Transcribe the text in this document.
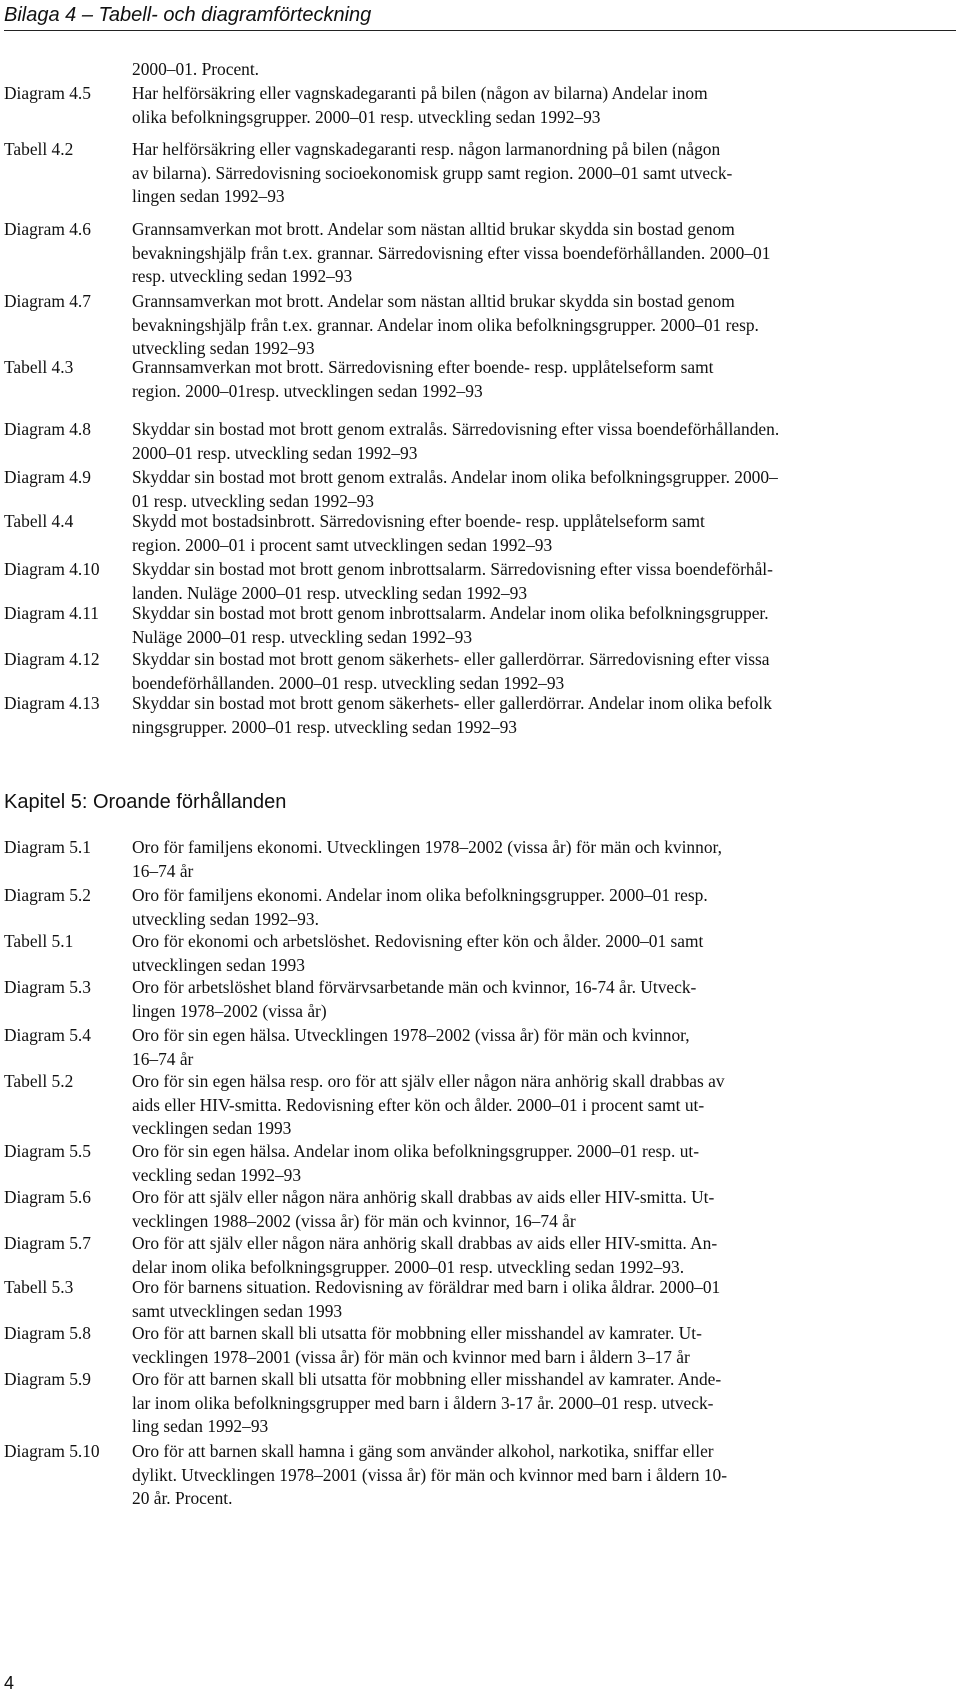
Bilaga 4 – Tabell- och diagramförteckning
2000–01. Procent.
Diagram 4.5 Har helförsäkring eller vagnskadegaranti på bilen (någon av bilarna) Andelar inom
olika befolkningsgrupper. 2000–01 resp. utveckling sedan 1992–93
Tabell 4.2	Har helförsäkring eller vagnskadegaranti resp. någon larmanordning på bilen (någon
av bilarna). Särredovisning socioekonomisk grupp samt region. 2000–01 samt utveck-
lingen sedan 1992–93
Diagram 4.6 Grannsamverkan mot brott. Andelar som nästan alltid brukar skydda sin bostad genom
bevakningshjälp från t.ex. grannar. Särredovisning efter vissa boendeförhållanden. 2000–01
resp. utveckling sedan 1992–93
Diagram 4.7 Grannsamverkan mot brott. Andelar som nästan alltid brukar skydda sin bostad genom
bevakningshjälp från t.ex. grannar. Andelar inom olika befolkningsgrupper. 2000–01 resp.
utveckling sedan 1992–93
Tabell 4.3	Grannsamverkan mot brott. Särredovisning efter boende- resp. upplåtelseform samt
region. 2000–01resp. utvecklingen sedan 1992–93
Diagram 4.8 Skyddar sin bostad mot brott genom extralås. Särredovisning efter vissa boendeförhållanden.
2000–01 resp. utveckling sedan 1992–93
Diagram 4.9 Skyddar sin bostad mot brott genom extralås. Andelar inom olika befolkningsgrupper. 2000–
01 resp. utveckling sedan 1992–93
Tabell 4.4	Skydd mot bostadsinbrott. Särredovisning efter boende- resp. upplåtelseform samt
region. 2000–01 i procent samt utvecklingen sedan 1992–93
Diagram 4.10 Skyddar sin bostad mot brott genom inbrottsalarm. Särredovisning efter vissa boendeförhål-
landen. Nuläge 2000–01 resp. utveckling sedan 1992–93
Diagram 4.11 Skyddar sin bostad mot brott genom inbrottsalarm. Andelar inom olika befolkningsgrupper.
Nuläge 2000–01 resp. utveckling sedan 1992–93
Diagram 4.12 Skyddar sin bostad mot brott genom säkerhets- eller gallerdörrar. Särredovisning efter vissa
boendeförhållanden. 2000–01 resp. utveckling sedan 1992–93
Diagram 4.13 Skyddar sin bostad mot brott genom säkerhets- eller gallerdörrar. Andelar inom olika befolk
ningsgrupper. 2000–01 resp. utveckling sedan 1992–93
Kapitel 5: Oroande förhållanden
Diagram 5.1 Oro för familjens ekonomi. Utvecklingen 1978–2002 (vissa år) för män och kvinnor,
16–74 år
Diagram 5.2 Oro för familjens ekonomi. Andelar inom olika befolkningsgrupper. 2000–01 resp.
utveckling sedan 1992–93.
Tabell 5.1	Oro för ekonomi och arbetslöshet. Redovisning efter kön och ålder. 2000–01 samt
utvecklingen sedan 1993
Diagram 5.3 Oro för arbetslöshet bland förvärvsarbetande män och kvinnor, 16-74 år. Utveck-
lingen 1978–2002 (vissa år)
Diagram 5.4 Oro för sin egen hälsa. Utvecklingen 1978–2002 (vissa år) för män och kvinnor,
16–74 år
Tabell 5.2	Oro för sin egen hälsa resp. oro för att själv eller någon nära anhörig skall drabbas av
aids eller HIV-smitta. Redovisning efter kön och ålder. 2000–01 i procent samt ut-
vecklingen sedan 1993
Diagram 5.5 Oro för sin egen hälsa. Andelar inom olika befolkningsgrupper. 2000–01 resp. ut-
veckling sedan 1992–93
Diagram 5.6 Oro för att själv eller någon nära anhörig skall drabbas av aids eller HIV-smitta. Ut-
vecklingen 1988–2002 (vissa år) för män och kvinnor, 16–74 år
Diagram 5.7 Oro för att själv eller någon nära anhörig skall drabbas av aids eller HIV-smitta. An-
delar inom olika befolkningsgrupper. 2000–01 resp. utveckling sedan 1992–93.
Tabell 5.3	Oro för barnens situation. Redovisning av föräldrar med barn i olika åldrar. 2000–01
samt utvecklingen sedan 1993
Diagram 5.8 Oro för att barnen skall bli utsatta för mobbning eller misshandel av kamrater. Ut-
vecklingen 1978–2001 (vissa år) för män och kvinnor med barn i åldern 3–17 år
Diagram 5.9 Oro för att barnen skall bli utsatta för mobbning eller misshandel av kamrater. Ande-
lar inom olika befolkningsgrupper med barn i åldern 3-17 år. 2000–01 resp. utveck-
ling sedan 1992–93
Diagram 5.10 Oro för att barnen skall hamna i gäng som använder alkohol, narkotika, sniffar eller
dylikt. Utvecklingen 1978–2001 (vissa år) för män och kvinnor med barn i åldern 10-
20 år. Procent.
4
